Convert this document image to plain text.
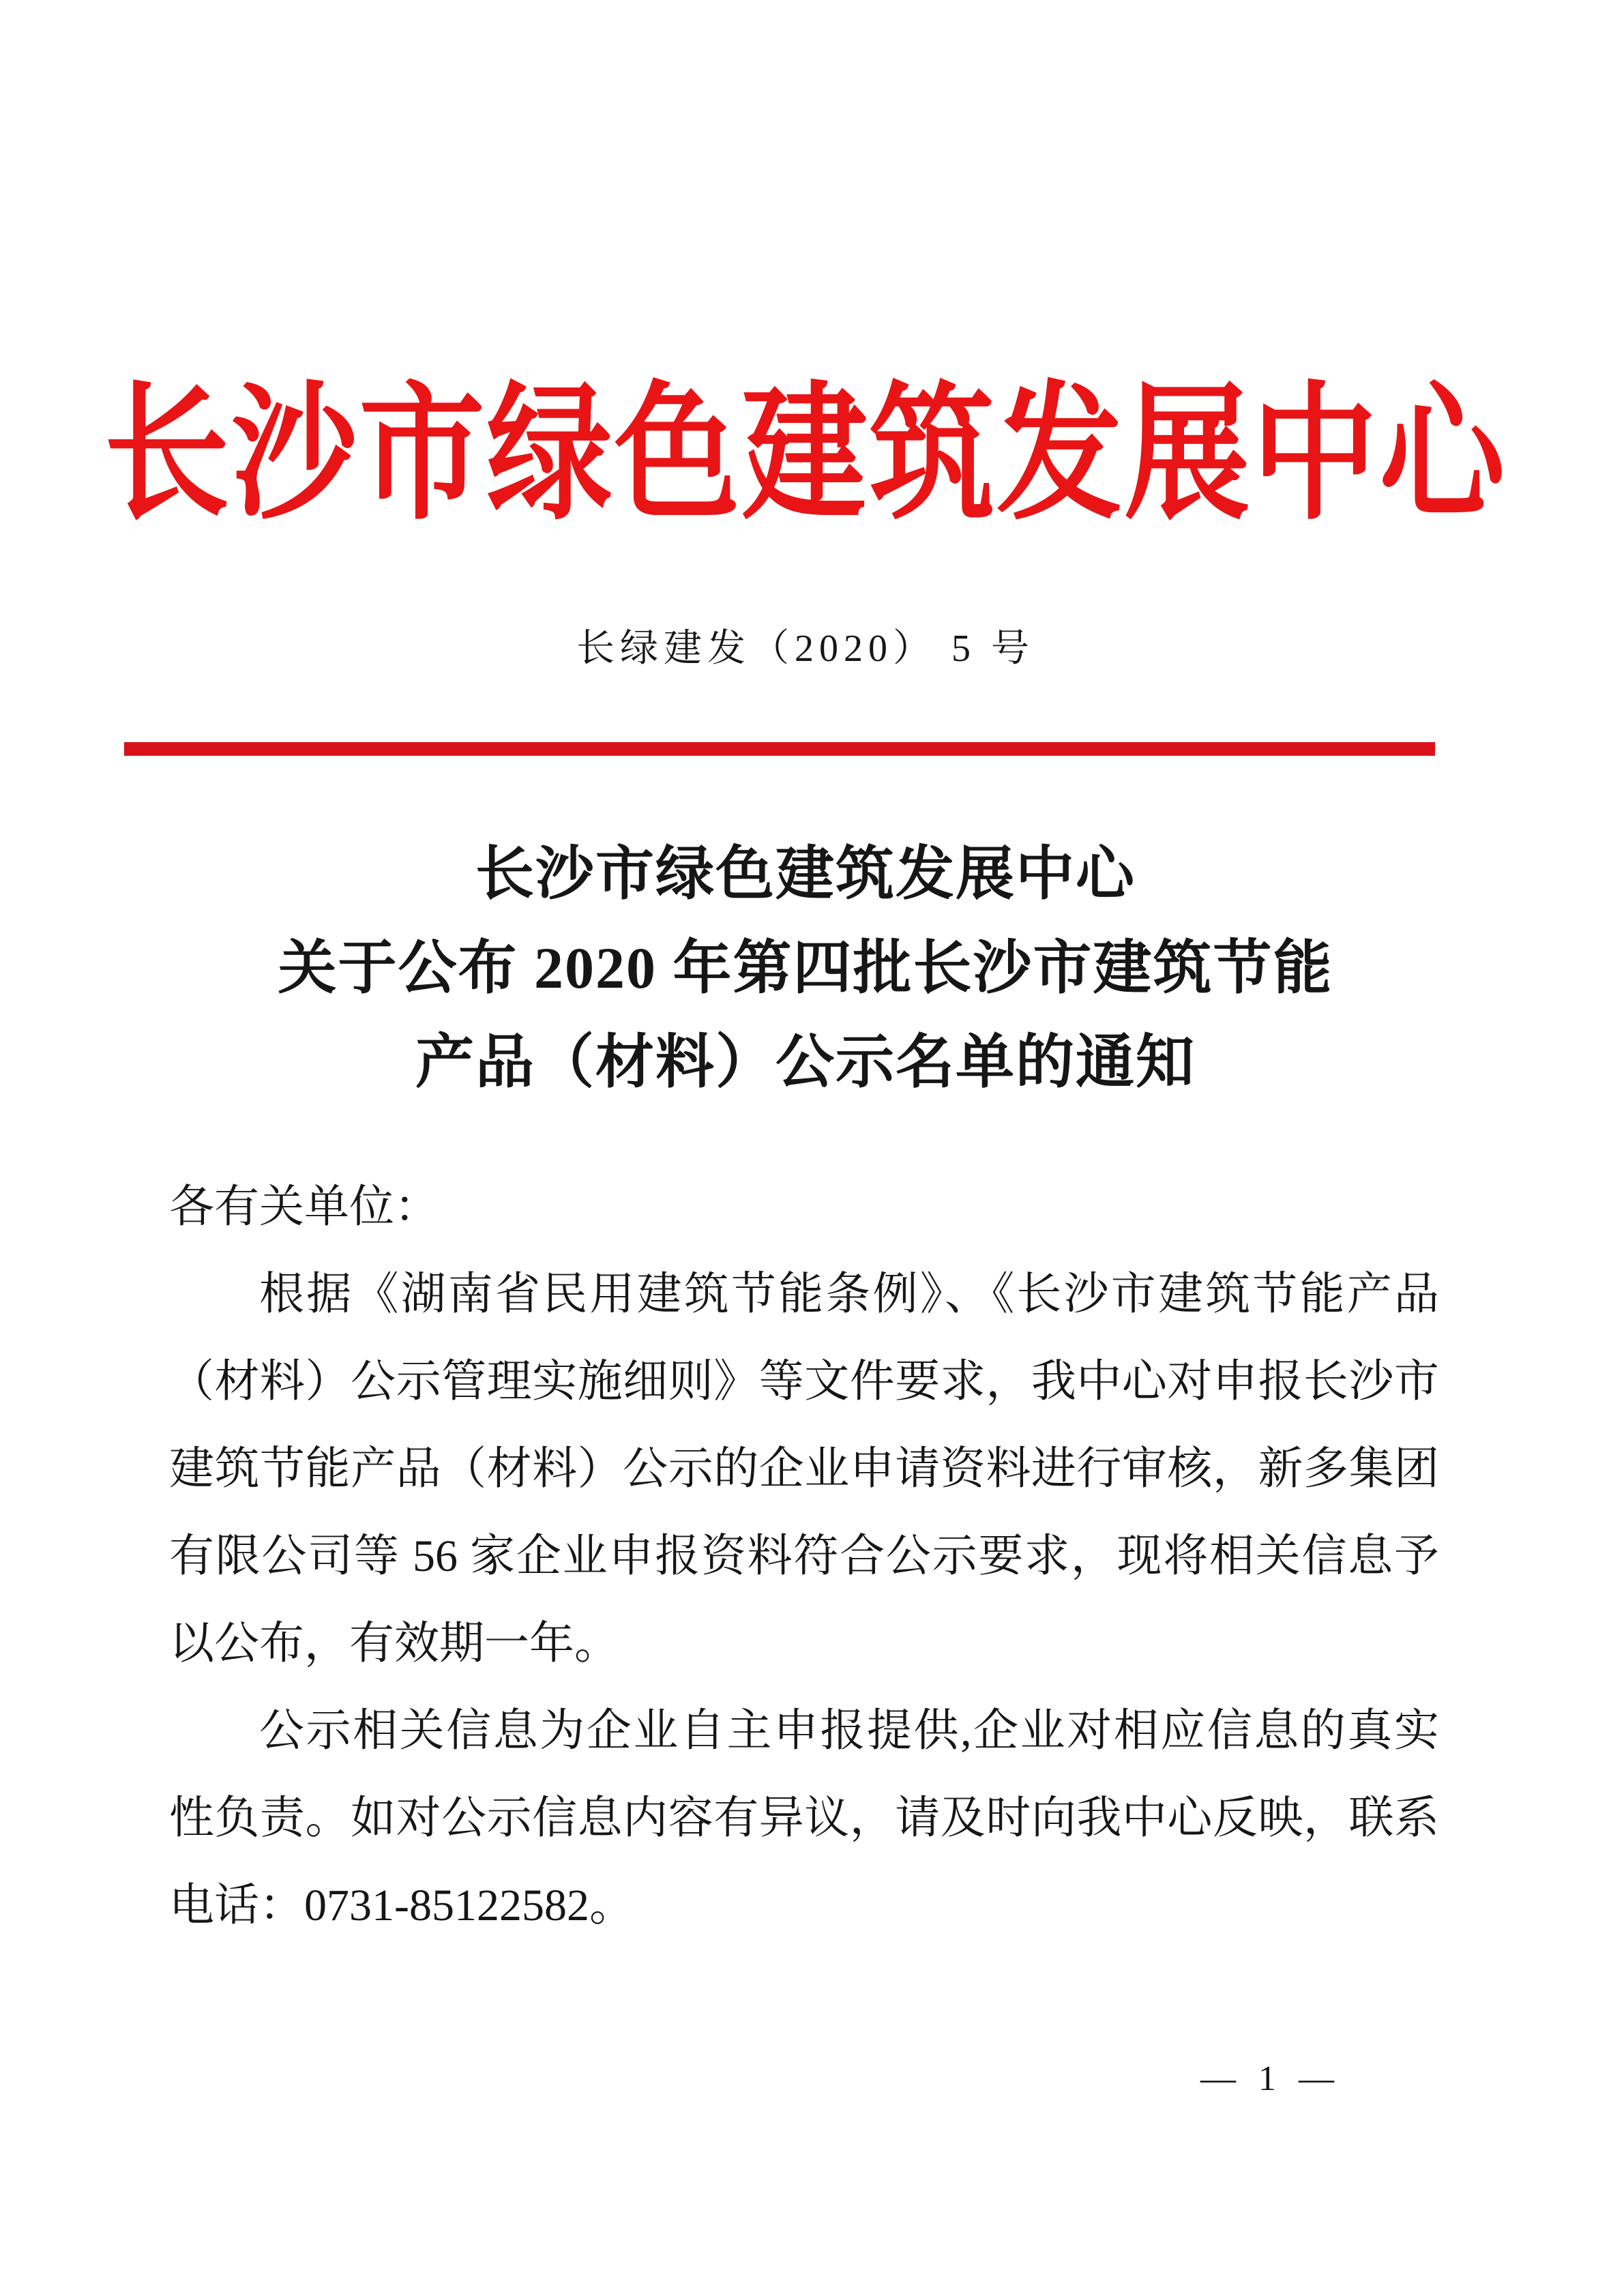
长沙市绿色建筑发展中心
长绿建发（2020） 5 号
长沙市绿色建筑发展中心
关于公布 2020 年第四批长沙市建筑节能
产品（材料）公示名单的通知

各有关单位：

根据《湖南省民用建筑节能条例》、《长沙市建筑节能产品（材料）公示管理实施细则》等文件要求，我中心对申报长沙市建筑节能产品（材料）公示的企业申请资料进行审核，新多集团有限公司等 56 家企业申报资料符合公示要求，现将相关信息予以公布，有效期一年。

公示相关信息为企业自主申报提供,企业对相应信息的真实性负责。如对公示信息内容有异议，请及时向我中心反映，联系电话：0731-85122582。

— 1 —
